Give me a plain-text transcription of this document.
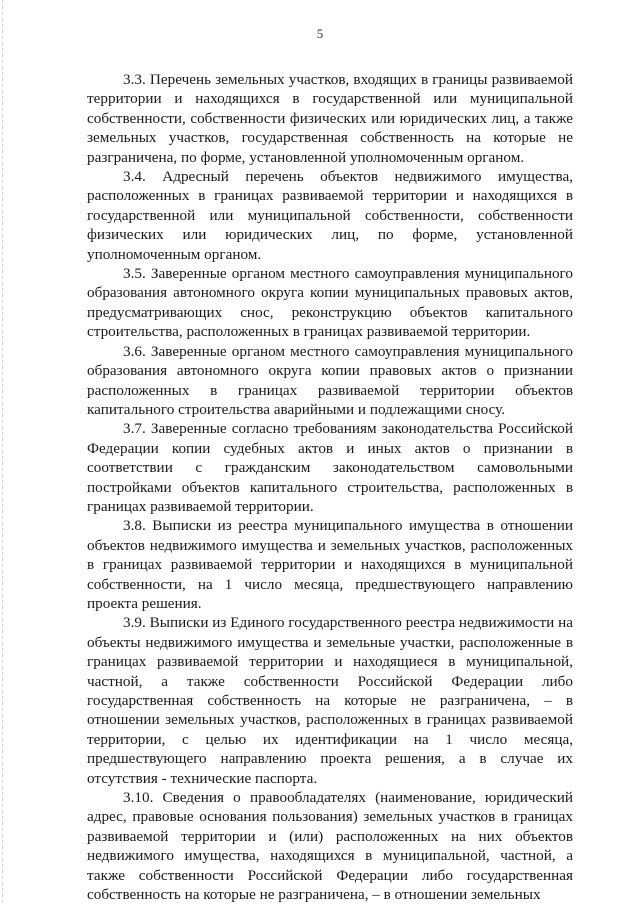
5

3.3. Перечень земельных участков, входящих в границы развиваемой территории и находящихся в государственной или муниципальной собственности, собственности физических или юридических лиц, а также земельных участков, государственная собственность на которые не разграничена, по форме, установленной уполномоченным органом.

3.4. Адресный перечень объектов недвижимого имущества, расположенных в границах развиваемой территории и находящихся в государственной или муниципальной собственности, собственности физических или юридических лиц, по форме, установленной уполномоченным органом.

3.5. Заверенные органом местного самоуправления муниципального образования автономного округа копии муниципальных правовых актов, предусматривающих снос, реконструкцию объектов капитального строительства, расположенных в границах развиваемой территории.

3.6. Заверенные органом местного самоуправления муниципального образования автономного округа копии правовых актов о признании расположенных в границах развиваемой территории объектов капитального строительства аварийными и подлежащими сносу.

3.7. Заверенные согласно требованиям законодательства Российской Федерации копии судебных актов и иных актов о признании в соответствии с гражданским законодательством самовольными постройками объектов капитального строительства, расположенных в границах развиваемой территории.

3.8. Выписки из реестра муниципального имущества в отношении объектов недвижимого имущества и земельных участков, расположенных в границах развиваемой территории и находящихся в муниципальной собственности, на 1 число месяца, предшествующего направлению проекта решения.

3.9. Выписки из Единого государственного реестра недвижимости на объекты недвижимого имущества и земельные участки, расположенные в границах развиваемой территории и находящиеся в муниципальной, частной, а также собственности Российской Федерации либо государственная собственность на которые не разграничена, – в отношении земельных участков, расположенных в границах развиваемой территории, с целью их идентификации на 1 число месяца, предшествующего направлению проекта решения, а в случае их отсутствия - технические паспорта.

3.10. Сведения о правообладателях (наименование, юридический адрес, правовые основания пользования) земельных участков в границах развиваемой территории и (или) расположенных на них объектов недвижимого имущества, находящихся в муниципальной, частной, а также собственности Российской Федерации либо государственная собственность на которые не разграничена, – в отношении земельных
